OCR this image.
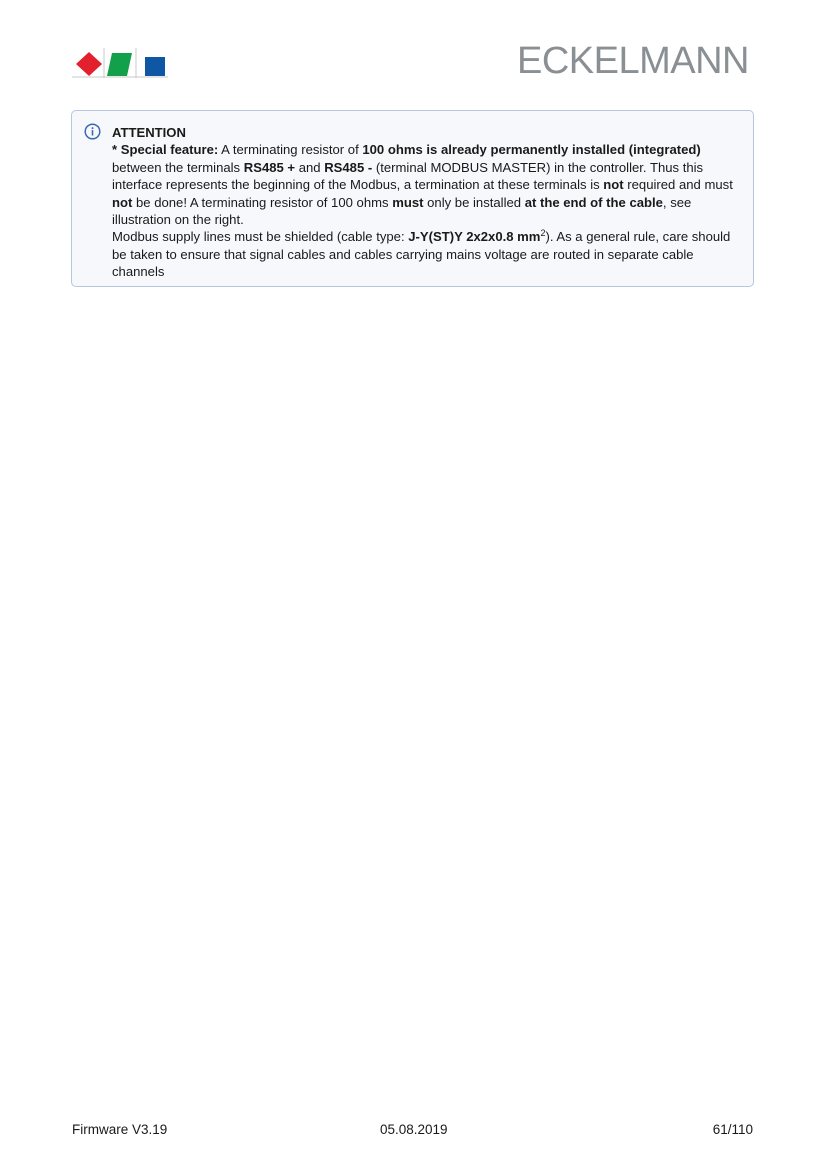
ECKELMANN

ATTENTION

* Special feature: A terminating resistor of 100 ohms is already permanently installed (integrated) between the terminals RS485 + and RS485 - (terminal MODBUS MASTER) in the controller. Thus this interface represents the beginning of the Modbus, a termination at these terminals is not required and must not be done! A terminating resistor of 100 ohms must only be installed at the end of the cable, see illustration on the right.

Modbus supply lines must be shielded (cable type: J-Y(ST)Y 2x2x0.8 $mm^2$). As a general rule, care should be taken to ensure that signal cables and cables carrying mains voltage are routed in separate cable channels

Firmware V3.19	05.08.2019	61/110
